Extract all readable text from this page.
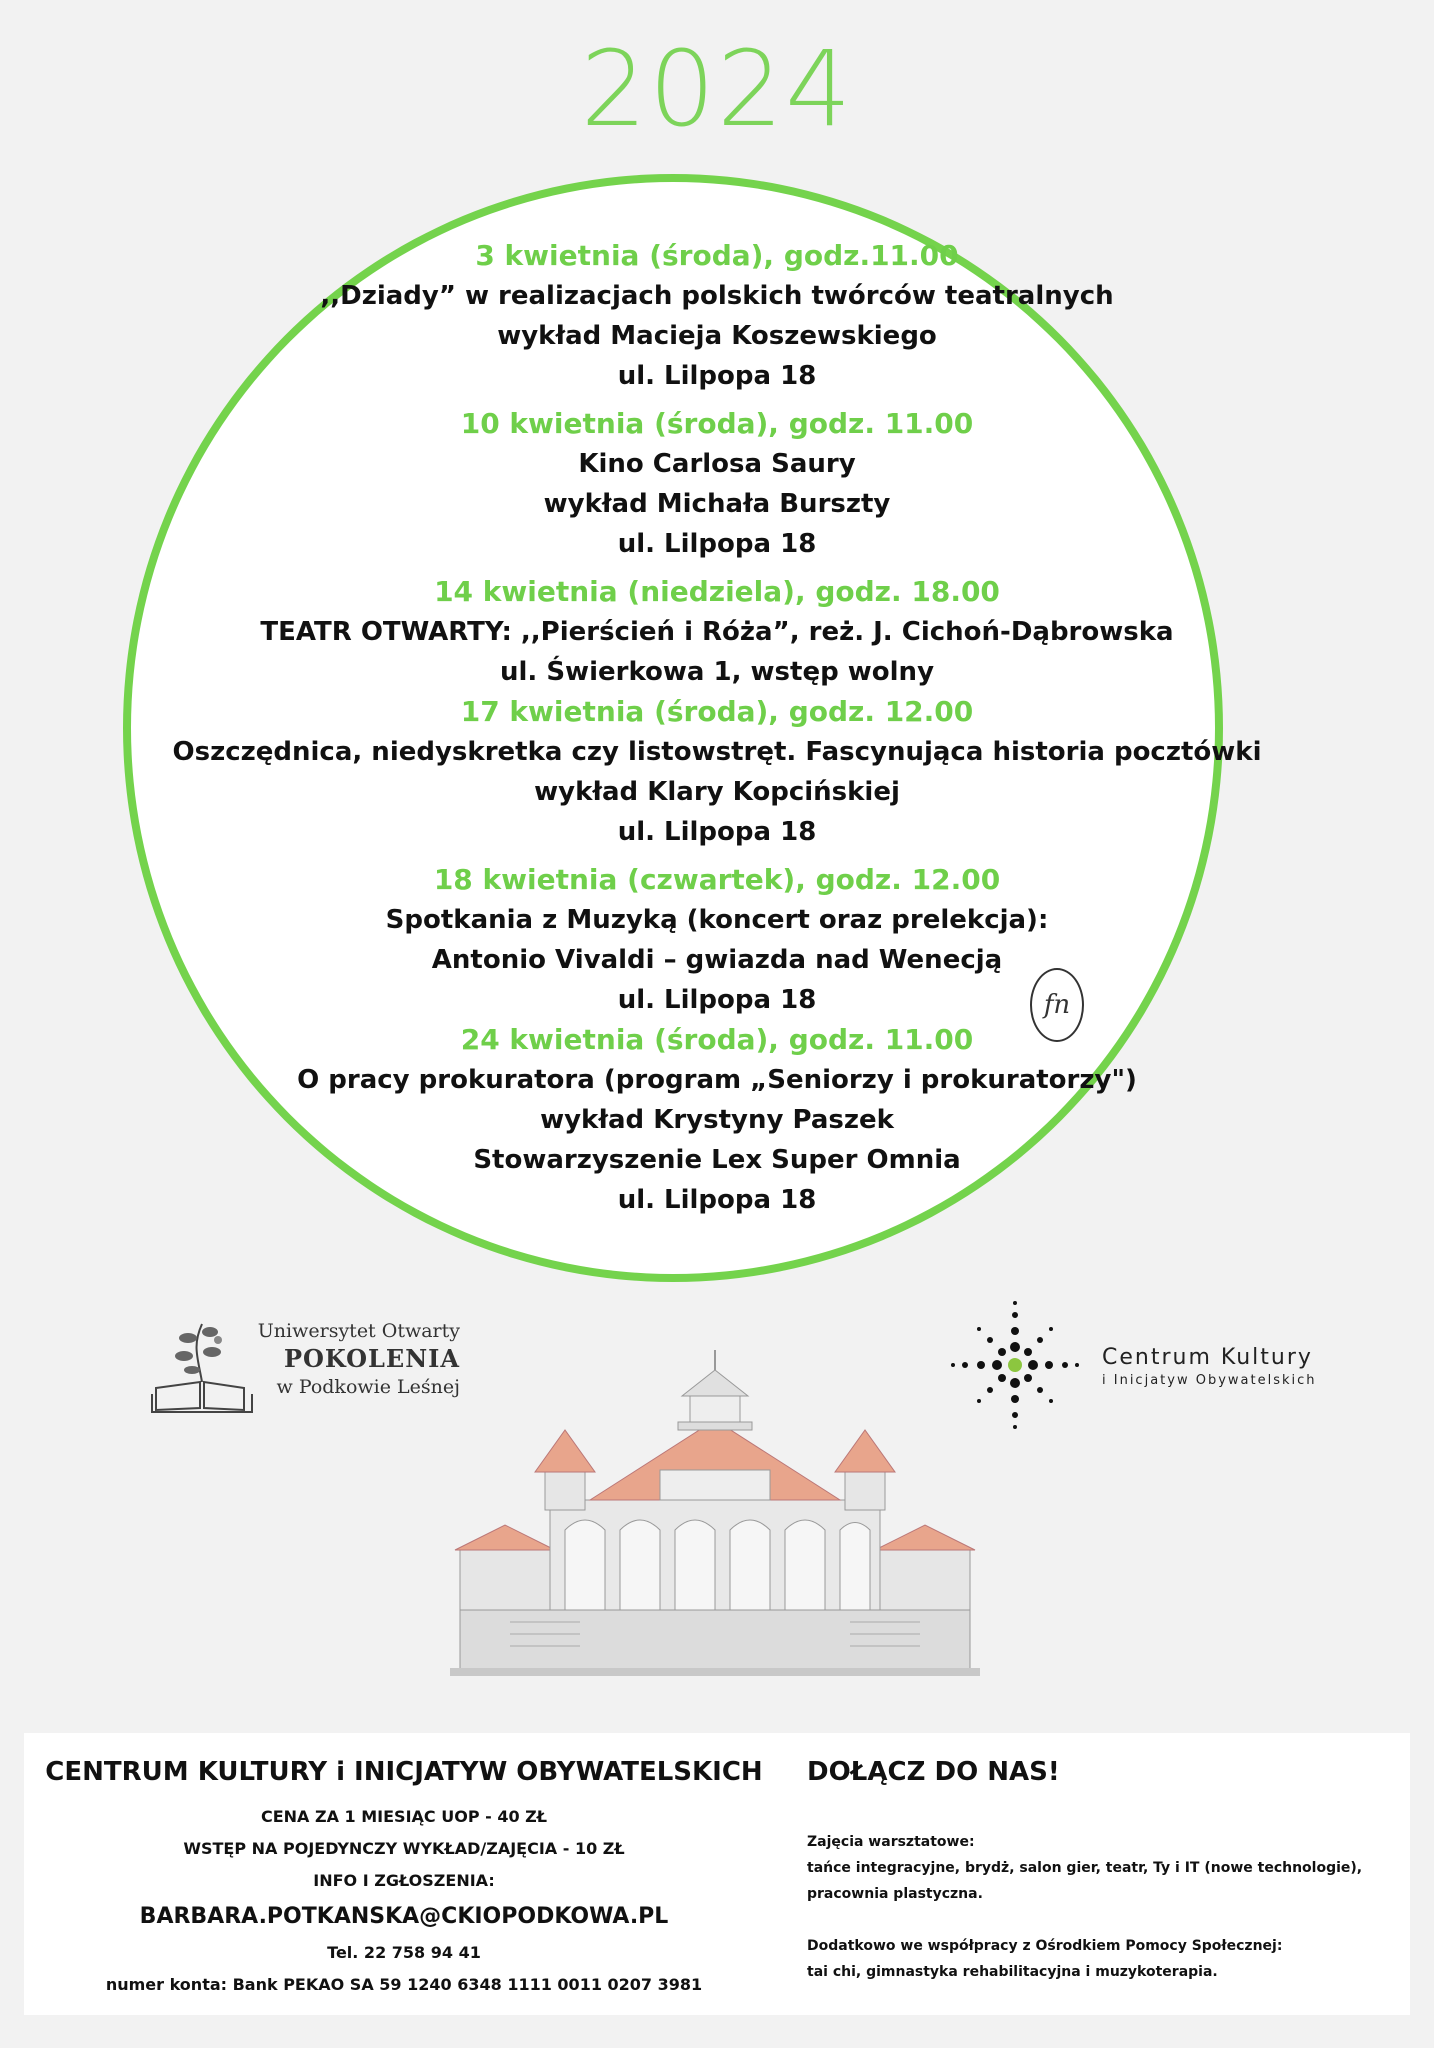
2024
3 kwietnia (środa), godz.11.00
,,Dziady” w realizacjach polskich twórców teatralnych
wykład Macieja Koszewskiego
ul. Lilpopa 18
10 kwietnia (środa), godz. 11.00
Kino Carlosa Saury
wykład Michała Burszty
ul. Lilpopa 18
14 kwietnia (niedziela), godz. 18.00
TEATR OTWARTY: ,,Pierścień i Róża”, reż. J. Cichoń-Dąbrowska
ul. Świerkowa 1, wstęp wolny
17 kwietnia (środa), godz. 12.00
Oszczędnica, niedyskretka czy listowstręt. Fascynująca historia pocztówki
wykład Klary Kopcińskiej
ul. Lilpopa 18
18 kwietnia (czwartek), godz. 12.00
Spotkania z Muzyką (koncert oraz prelekcja):
Antonio Vivaldi – gwiazda nad Wenecją
ul. Lilpopa 18
24 kwietnia (środa), godz. 11.00
O pracy prokuratora (program „Seniorzy i prokuratorzy")
wykład Krystyny Paszek
Stowarzyszenie Lex Super Omnia
ul. Lilpopa 18
fn
Uniwersytet Otwarty
POKOLENIA
w Podkowie Leśnej
Centrum Kultury
i Inicjatyw Obywatelskich
CENTRUM KULTURY i INICJATYW OBYWATELSKICH
CENA ZA 1 MIESIĄC UOP - 40 ZŁ
WSTĘP NA POJEDYNCZY WYKŁAD/ZAJĘCIA - 10 ZŁ
INFO I ZGŁOSZENIA:
BARBARA.POTKANSKA@CKIOPODKOWA.PL
Tel. 22 758 94 41
numer konta: Bank PEKAO SA 59 1240 6348 1111 0011 0207 3981
DOŁĄCZ DO NAS!
Zajęcia warsztatowe:
tańce integracyjne, brydż, salon gier, teatr, Ty i IT (nowe technologie),
pracownia plastyczna.
Dodatkowo we współpracy z Ośrodkiem Pomocy Społecznej:
tai chi, gimnastyka rehabilitacyjna i muzykoterapia.
